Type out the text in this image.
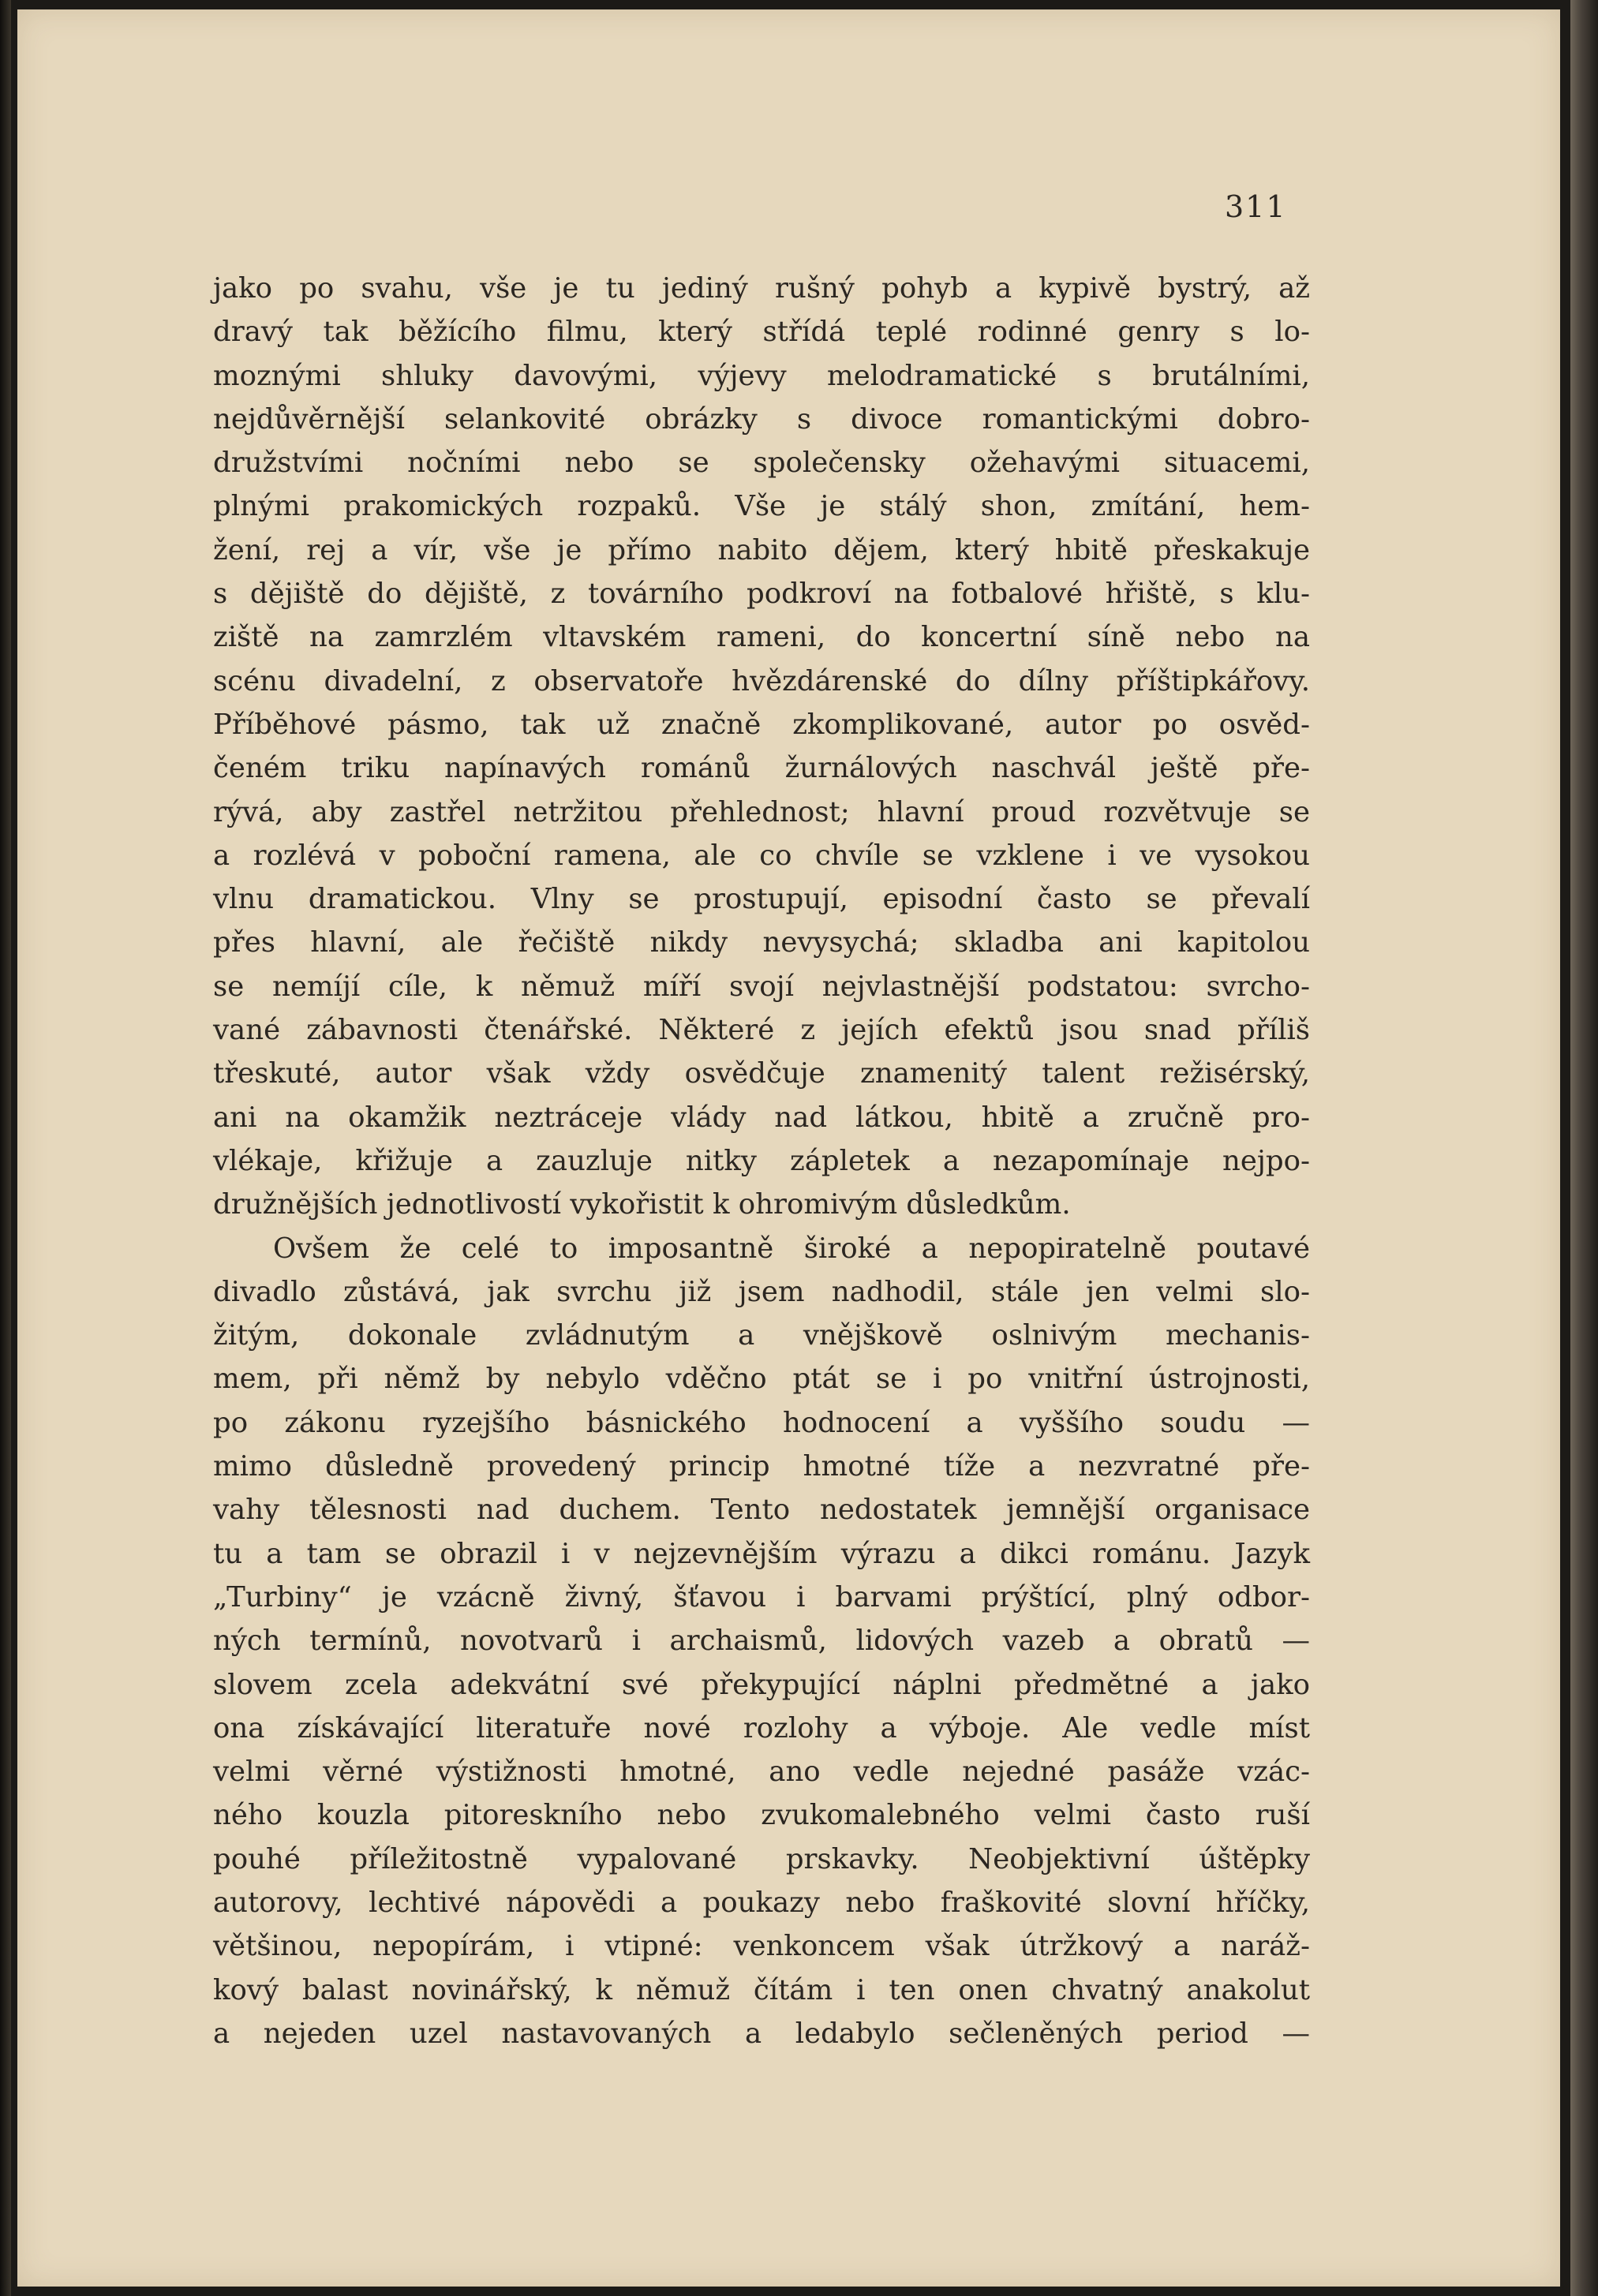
311
jako po svahu, vše je tu jediný rušný pohyb a kypivě bystrý, až
dravý tak běžícího filmu, který střídá teplé rodinné genry s lo-
moznými shluky davovými, výjevy melodramatické s brutálními,
nejdůvěrnější selankovité obrázky s divoce romantickými dobro-
družstvími nočními nebo se společensky ožehavými situacemi,
plnými prakomických rozpaků. Vše je stálý shon, zmítání, hem-
žení, rej a vír, vše je přímo nabito dějem, který hbitě přeskakuje
s dějiště do dějiště, z továrního podkroví na fotbalové hřiště, s klu-
ziště na zamrzlém vltavském rameni, do koncertní síně nebo na
scénu divadelní, z observatoře hvězdárenské do dílny příštipkářovy.
Příběhové pásmo, tak už značně zkomplikované, autor po osvěd-
čeném triku napínavých románů žurnálových naschvál ještě pře-
rývá, aby zastřel netržitou přehlednost; hlavní proud rozvětvuje se
a rozlévá v poboční ramena, ale co chvíle se vzklene i ve vysokou
vlnu dramatickou. Vlny se prostupují, episodní často se převalí
přes hlavní, ale řečiště nikdy nevysychá; skladba ani kapitolou
se nemíjí cíle, k němuž míří svojí nejvlastnější podstatou: svrcho-
vané zábavnosti čtenářské. Některé z jejích efektů jsou snad příliš
třeskuté, autor však vždy osvědčuje znamenitý talent režisérský,
ani na okamžik neztráceje vlády nad látkou, hbitě a zručně pro-
vlékaje, křižuje a zauzluje nitky zápletek a nezapomínaje nejpo-
družnějších jednotlivostí vykořistit k ohromivým důsledkům.
Ovšem že celé to imposantně široké a nepopiratelně poutavé
divadlo zůstává, jak svrchu již jsem nadhodil, stále jen velmi slo-
žitým, dokonale zvládnutým a vnějškově oslnivým mechanis-
mem, při němž by nebylo vděčno ptát se i po vnitřní ústrojnosti,
po zákonu ryzejšího básnického hodnocení a vyššího soudu —
mimo důsledně provedený princip hmotné tíže a nezvratné pře-
vahy tělesnosti nad duchem. Tento nedostatek jemnější organisace
tu a tam se obrazil i v nejzevnějším výrazu a dikci románu. Jazyk
„Turbiny“ je vzácně živný, šťavou i barvami prýštící, plný odbor-
ných termínů, novotvarů i archaismů, lidových vazeb a obratů —
slovem zcela adekvátní své překypující náplni předmětné a jako
ona získávající literatuře nové rozlohy a výboje. Ale vedle míst
velmi věrné výstižnosti hmotné, ano vedle nejedné pasáže vzác-
ného kouzla pitoreskního nebo zvukomalebného velmi často ruší
pouhé příležitostně vypalované prskavky. Neobjektivní úštěpky
autorovy, lechtivé nápovědi a poukazy nebo fraškovité slovní hříčky,
většinou, nepopírám, i vtipné: venkoncem však útržkový a naráž-
kový balast novinářský, k němuž čítám i ten onen chvatný anakolut
a nejeden uzel nastavovaných a ledabylo sečleněných period —
